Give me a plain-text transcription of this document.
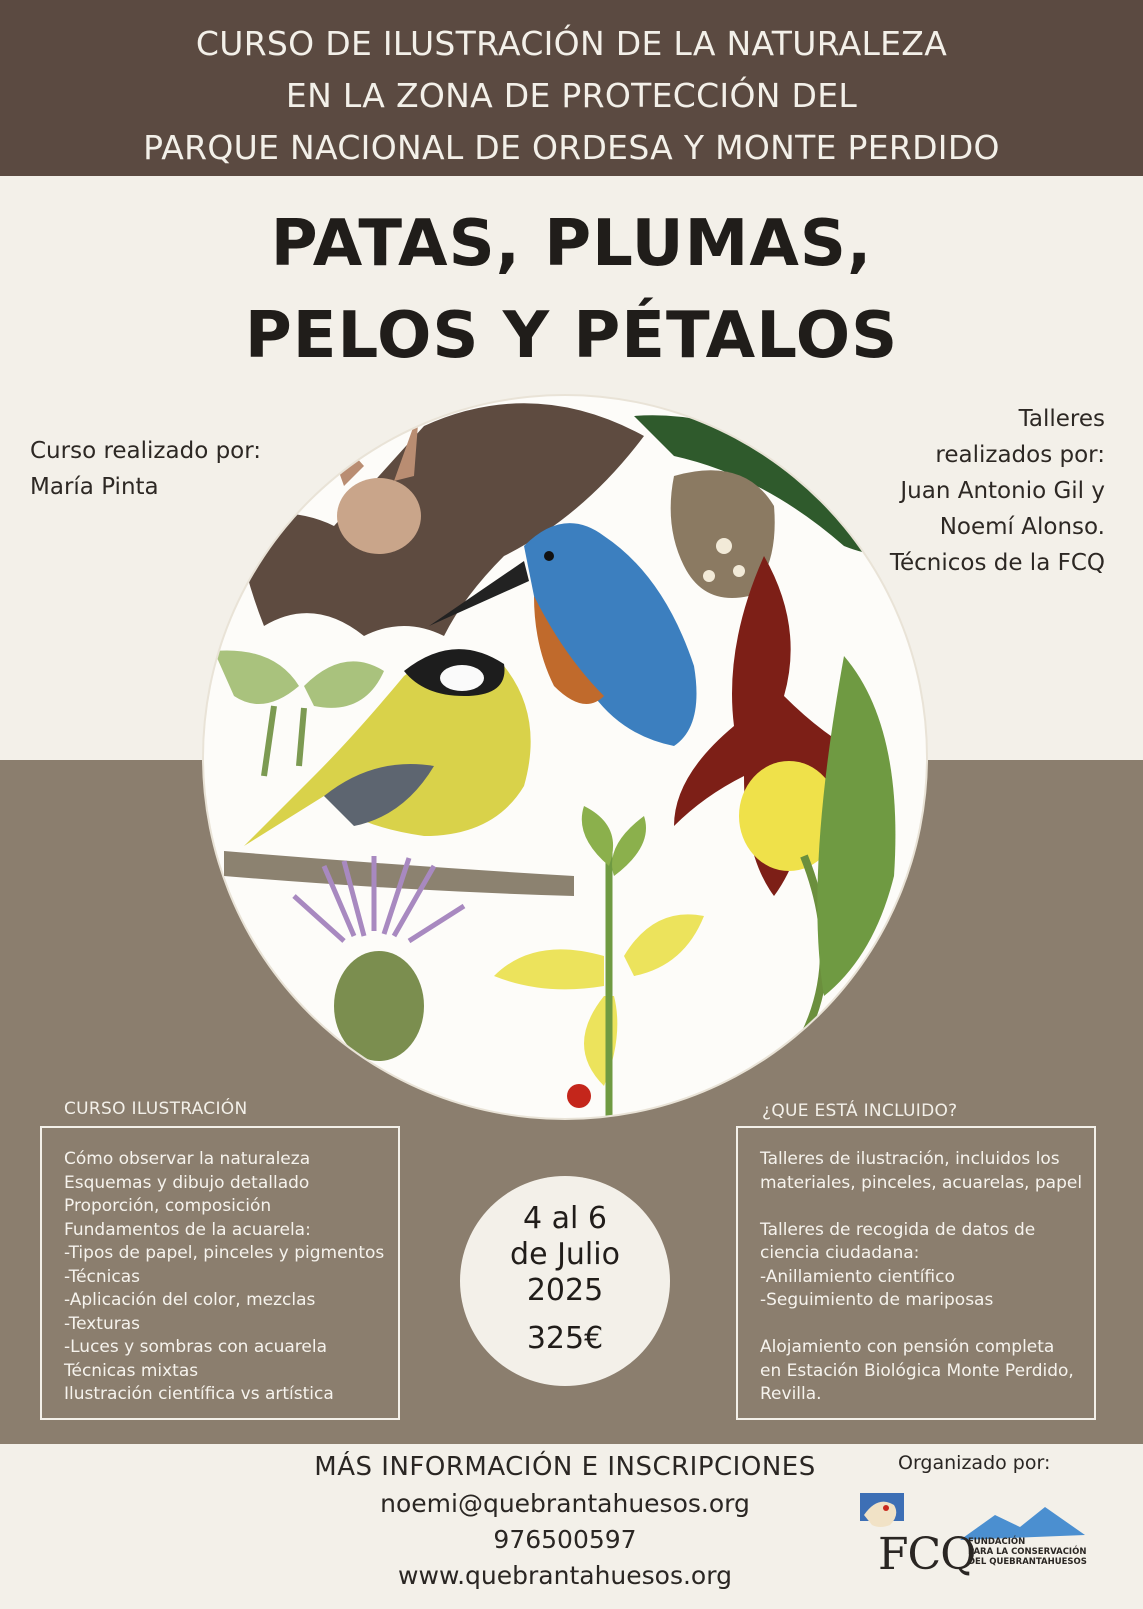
CURSO DE ILUSTRACIÓN DE LA NATURALEZA
EN LA ZONA DE PROTECCIÓN DEL
PARQUE NACIONAL DE ORDESA Y MONTE PERDIDO
PATAS, PLUMAS,
PELOS Y PÉTALOS
Curso realizado por:
María Pinta
Talleres
realizados por:
Juan Antonio Gil y
Noemí Alonso.
Técnicos de la FCQ
CURSO ILUSTRACIÓN
Cómo observar la naturaleza
Esquemas y dibujo detallado
Proporción, composición
Fundamentos de la acuarela:
-Tipos de papel, pinceles y pigmentos
-Técnicas
-Aplicación del color, mezclas
-Texturas
-Luces y sombras con acuarela
Técnicas mixtas
Ilustración científica vs artística
¿QUE ESTÁ INCLUIDO?
Talleres de ilustración, incluidos los
materiales, pinceles, acuarelas, papel
Talleres de recogida de datos de
ciencia ciudadana:
-Anillamiento científico
-Seguimiento de mariposas
Alojamiento con pensión completa
en Estación Biológica Monte Perdido,
Revilla.
4 al 6
de Julio
2025
325€
MÁS INFORMACIÓN E INSCRIPCIONES
noemi@quebrantahuesos.org
976500597
www.quebrantahuesos.org
Organizado por:
FCQ
FUNDACIÓN
PARA LA CONSERVACIÓN
DEL QUEBRANTAHUESOS
